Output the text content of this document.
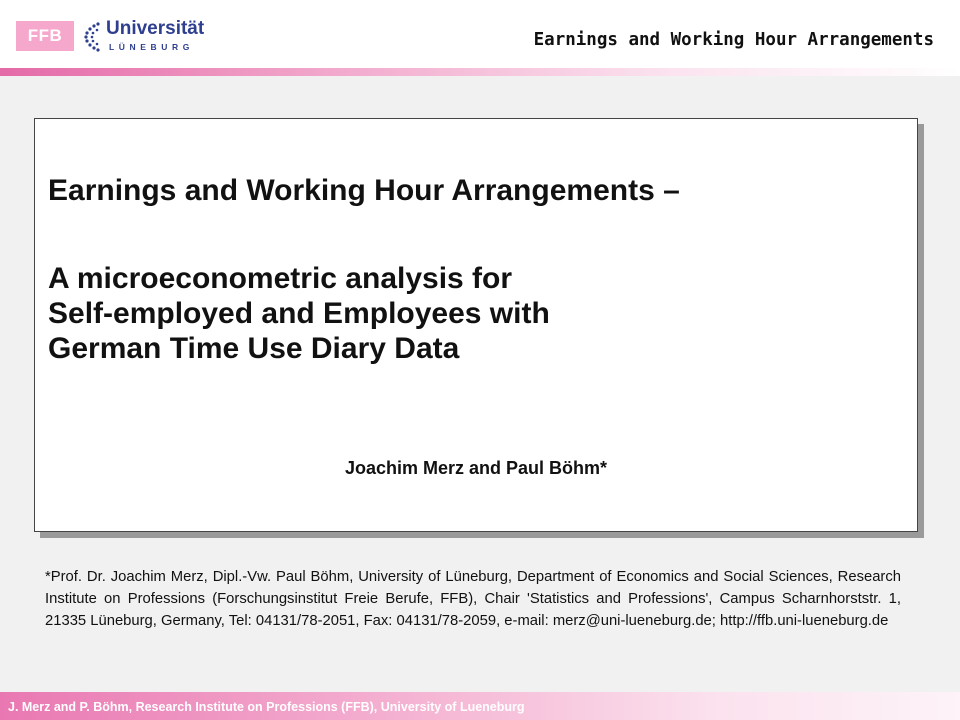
FFB	Universität
LÜNEBURG	Earnings and Working Hour Arrangements
Earnings and Working Hour Arrangements –
A microeconometric analysis for
Self-employed and Employees with
German Time Use Diary Data
Joachim Merz and Paul Böhm*

*Prof. Dr. Joachim Merz, Dipl.-Vw. Paul Böhm, University of Lüneburg, Department of Economics and Social Sciences, Research Institute on Professions (Forschungsinstitut Freie Berufe, FFB), Chair 'Statistics and Professions', Campus Scharnhorststr. 1, 21335 Lüneburg, Germany, Tel: 04131/78-2051, Fax: 04131/78-2059, e-mail: merz@uni-lueneburg.de; http://ffb.uni-lueneburg.de

J. Merz and P. Böhm, Research Institute on Professions (FFB), University of Lueneburg
